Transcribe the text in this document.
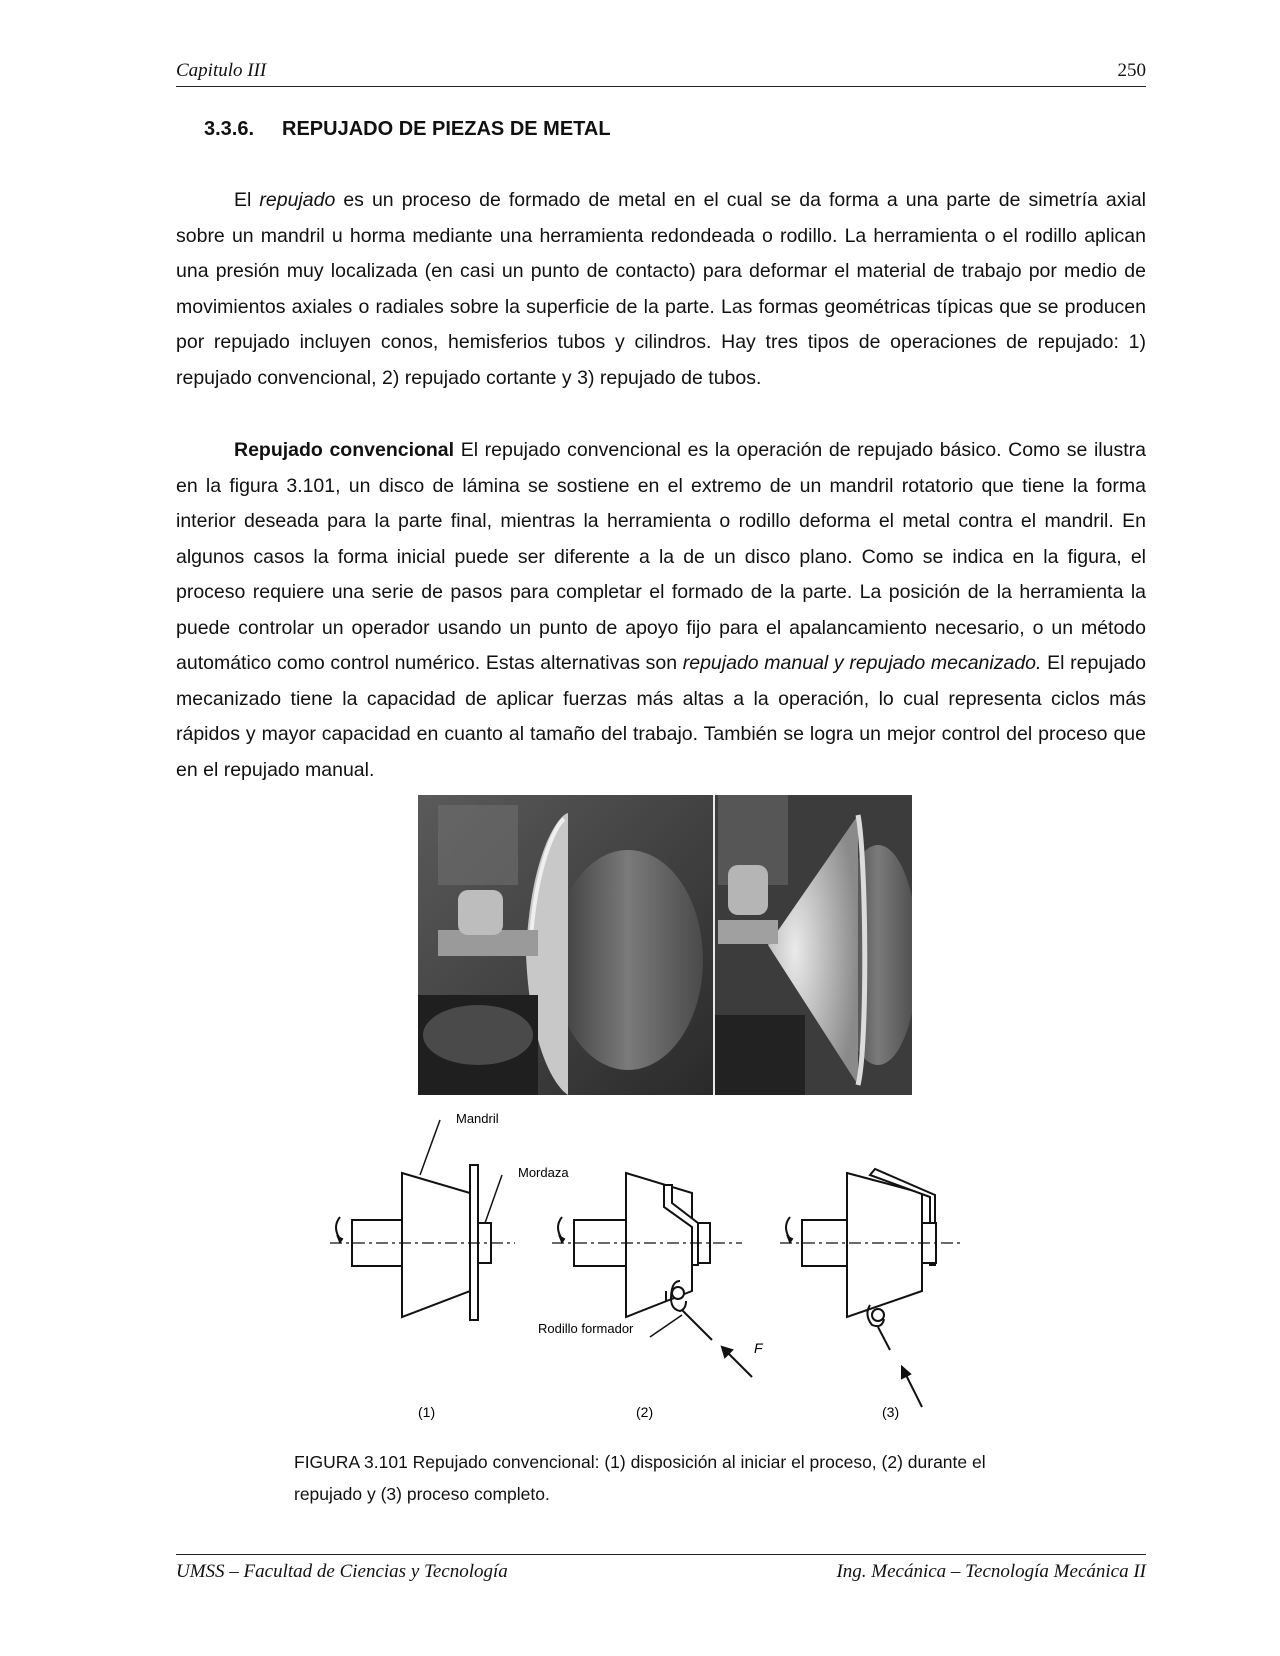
Capitulo III	250
3.3.6. REPUJADO DE PIEZAS DE METAL

El repujado es un proceso de formado de metal en el cual se da forma a una parte de simetría axial sobre un mandril u horma mediante una herramienta redondeada o rodillo. La herramienta o el rodillo aplican una presión muy localizada (en casi un punto de contacto) para deformar el material de trabajo por medio de movimientos axiales o radiales sobre la superficie de la parte. Las formas geométricas típicas que se producen por repujado incluyen conos, hemisferios tubos y cilindros. Hay tres tipos de operaciones de repujado: 1) repujado convencional, 2) repujado cortante y 3) repujado de tubos.

Repujado convencional El repujado convencional es la operación de repujado básico. Como se ilustra en la figura 3.101, un disco de lámina se sostiene en el extremo de un mandril rotatorio que tiene la forma interior deseada para la parte final, mientras la herramienta o rodillo deforma el metal contra el mandril. En algunos casos la forma inicial puede ser diferente a la de un disco plano. Como se indica en la figura, el proceso requiere una serie de pasos para completar el formado de la parte. La posición de la herramienta la puede controlar un operador usando un punto de apoyo fijo para el apalancamiento necesario, o un método automático como control numérico. Estas alternativas son repujado manual y repujado mecanizado. El repujado mecanizado tiene la capacidad de aplicar fuerzas más altas a la operación, lo cual representa ciclos más rápidos y mayor capacidad en cuanto al tamaño del trabajo. También se logra un mejor control del proceso que en el repujado manual.

Mandril
Mordaza
Rodillo formador
F
(1)	(2)	(3)

FIGURA 3.101 Repujado convencional: (1) disposición al iniciar el proceso, (2) durante el repujado y (3) proceso completo.

UMSS – Facultad de Ciencias y Tecnología	Ing. Mecánica – Tecnología Mecánica II
